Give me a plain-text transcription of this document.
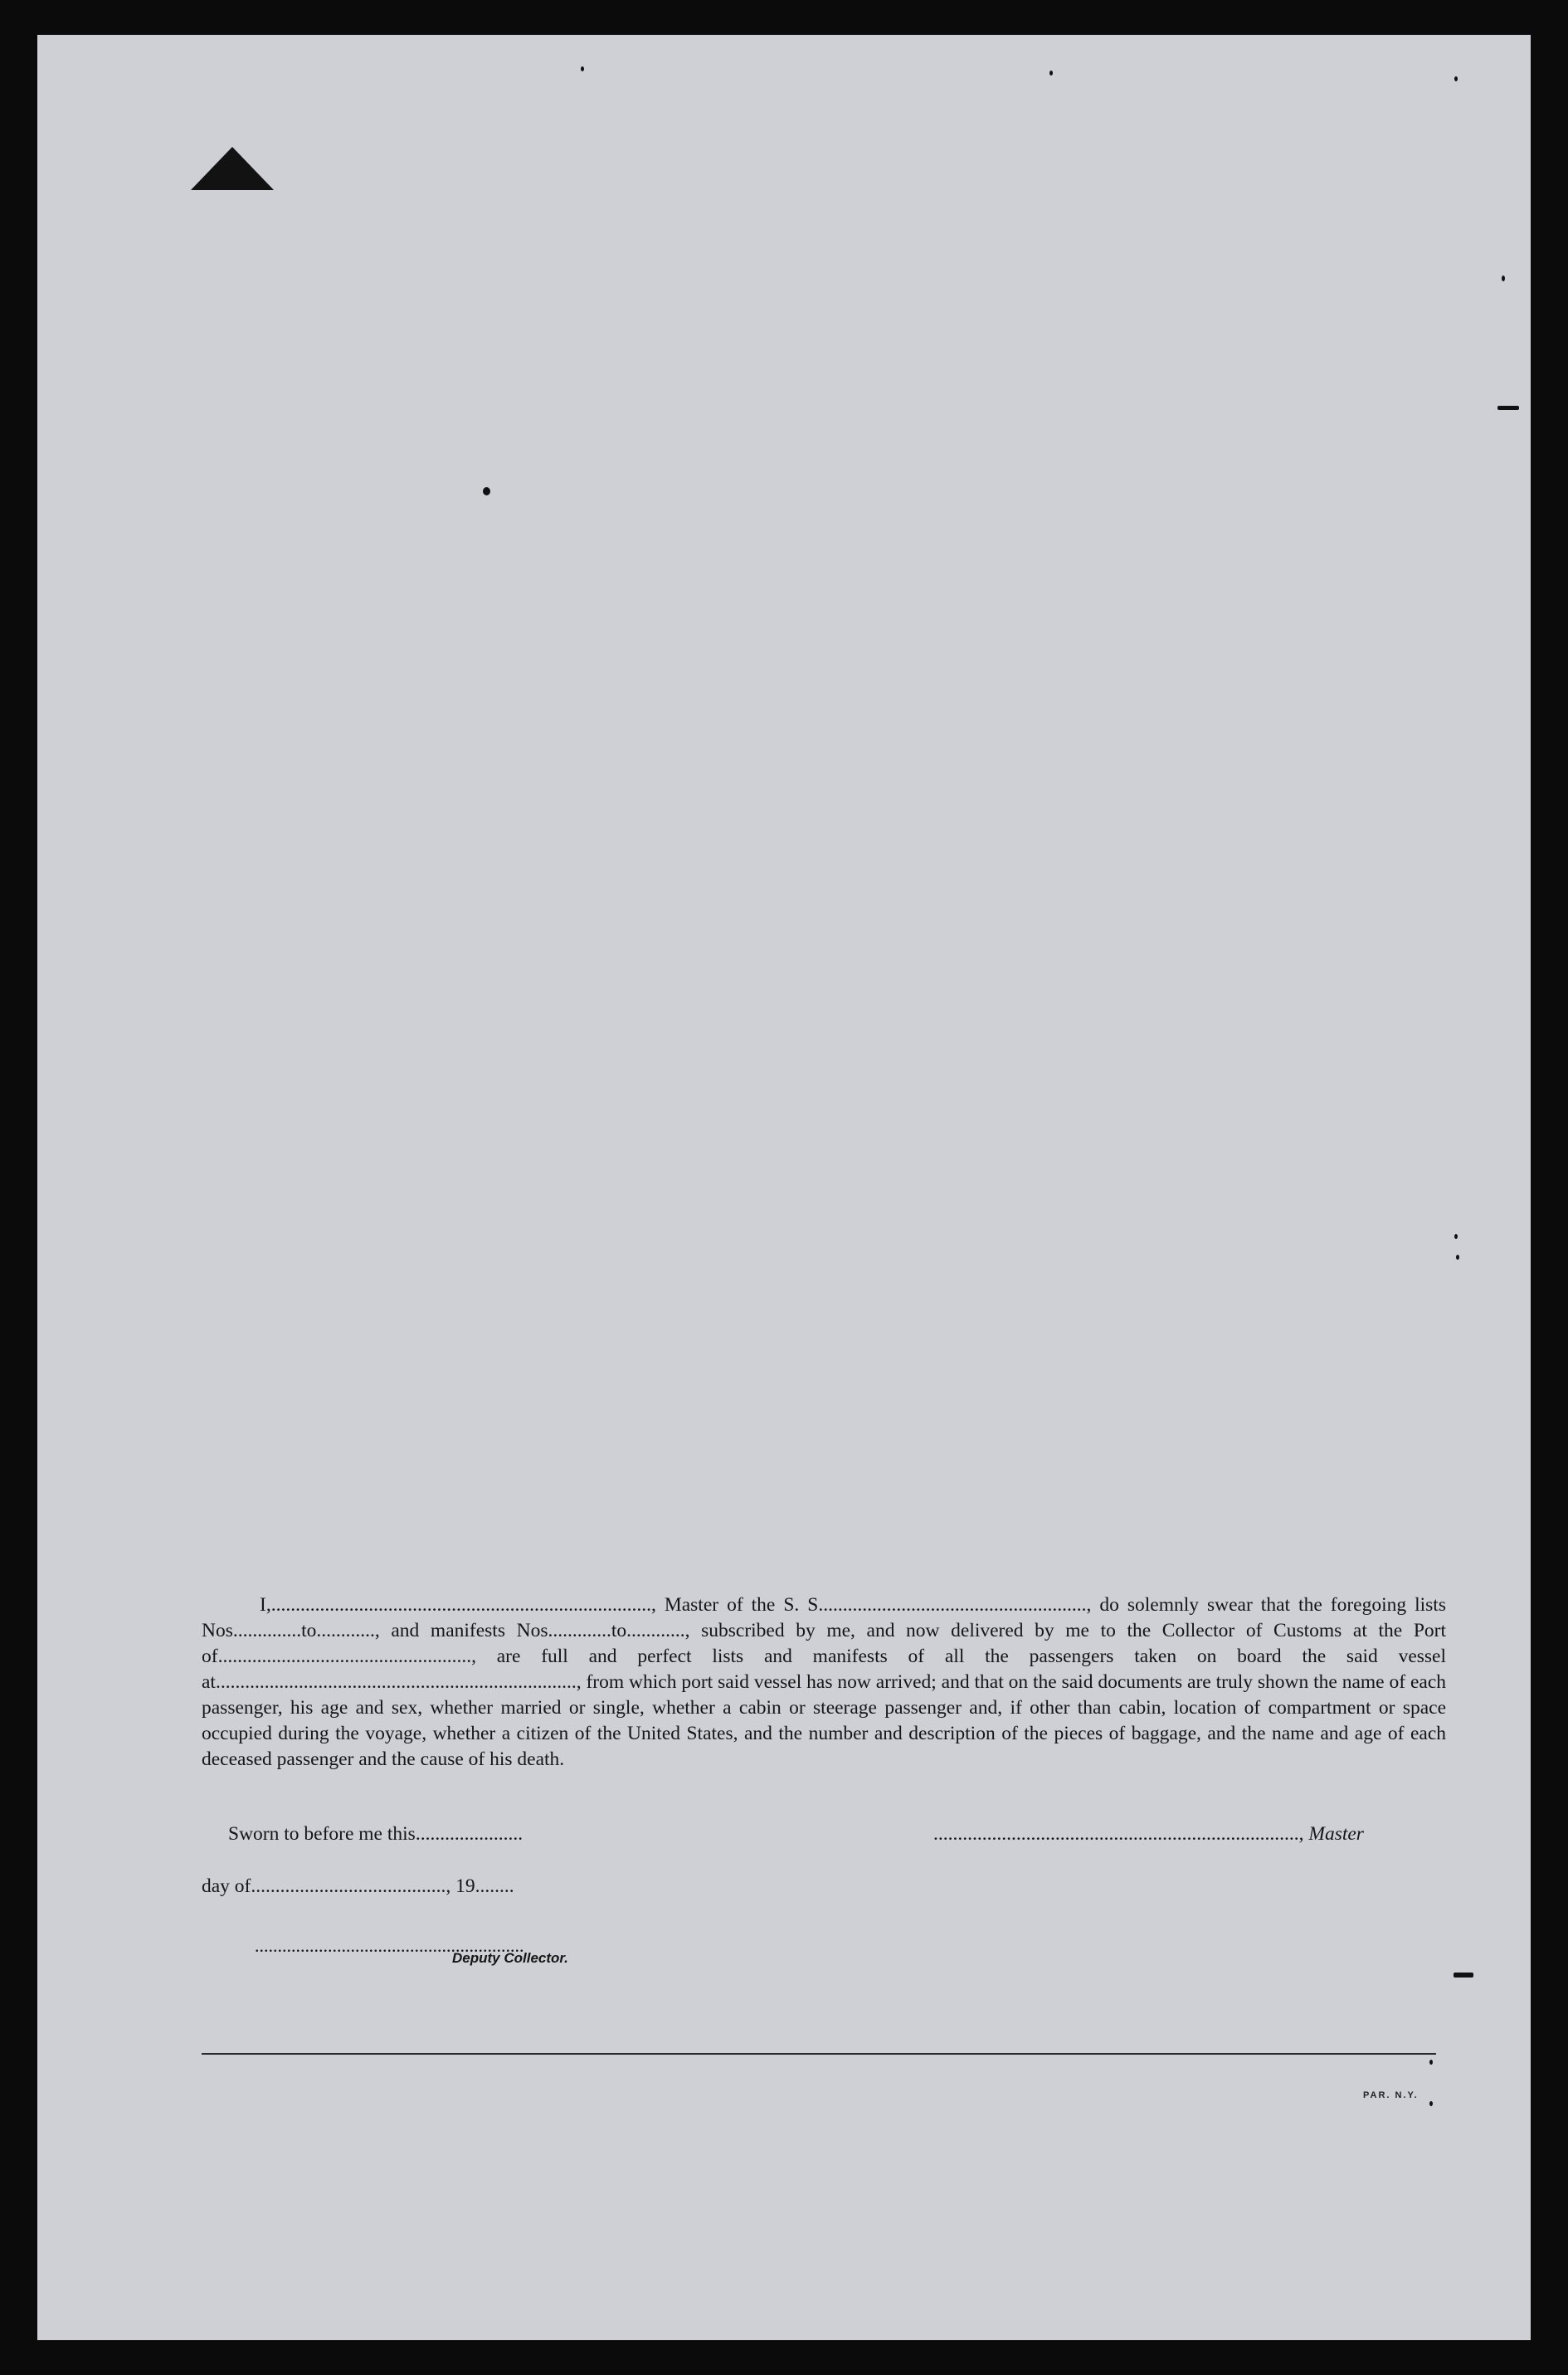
I,.............................................................................., Master of the S. S......................................................., do solemnly swear that the foregoing lists Nos..............to............, and manifests Nos.............to............, subscribed by me, and now delivered by me to the Collector of Customs at the Port of...................................................., are full and perfect lists and manifests of all the passengers taken on board the said vessel at.........................................................................., from which port said vessel has now arrived; and that on the said documents are truly shown the name of each passenger, his age and sex, whether married or single, whether a cabin or steerage passenger and, if other than cabin, location of compartment or space occupied during the voyage, whether a citizen of the United States, and the number and description of the pieces of baggage, and the name and age of each deceased passenger and the cause of his death.
Sworn to before me this......................	..........................................................................., Master
day of........................................, 19........
...........................................................
Deputy Collector.
PAR. N.Y.
